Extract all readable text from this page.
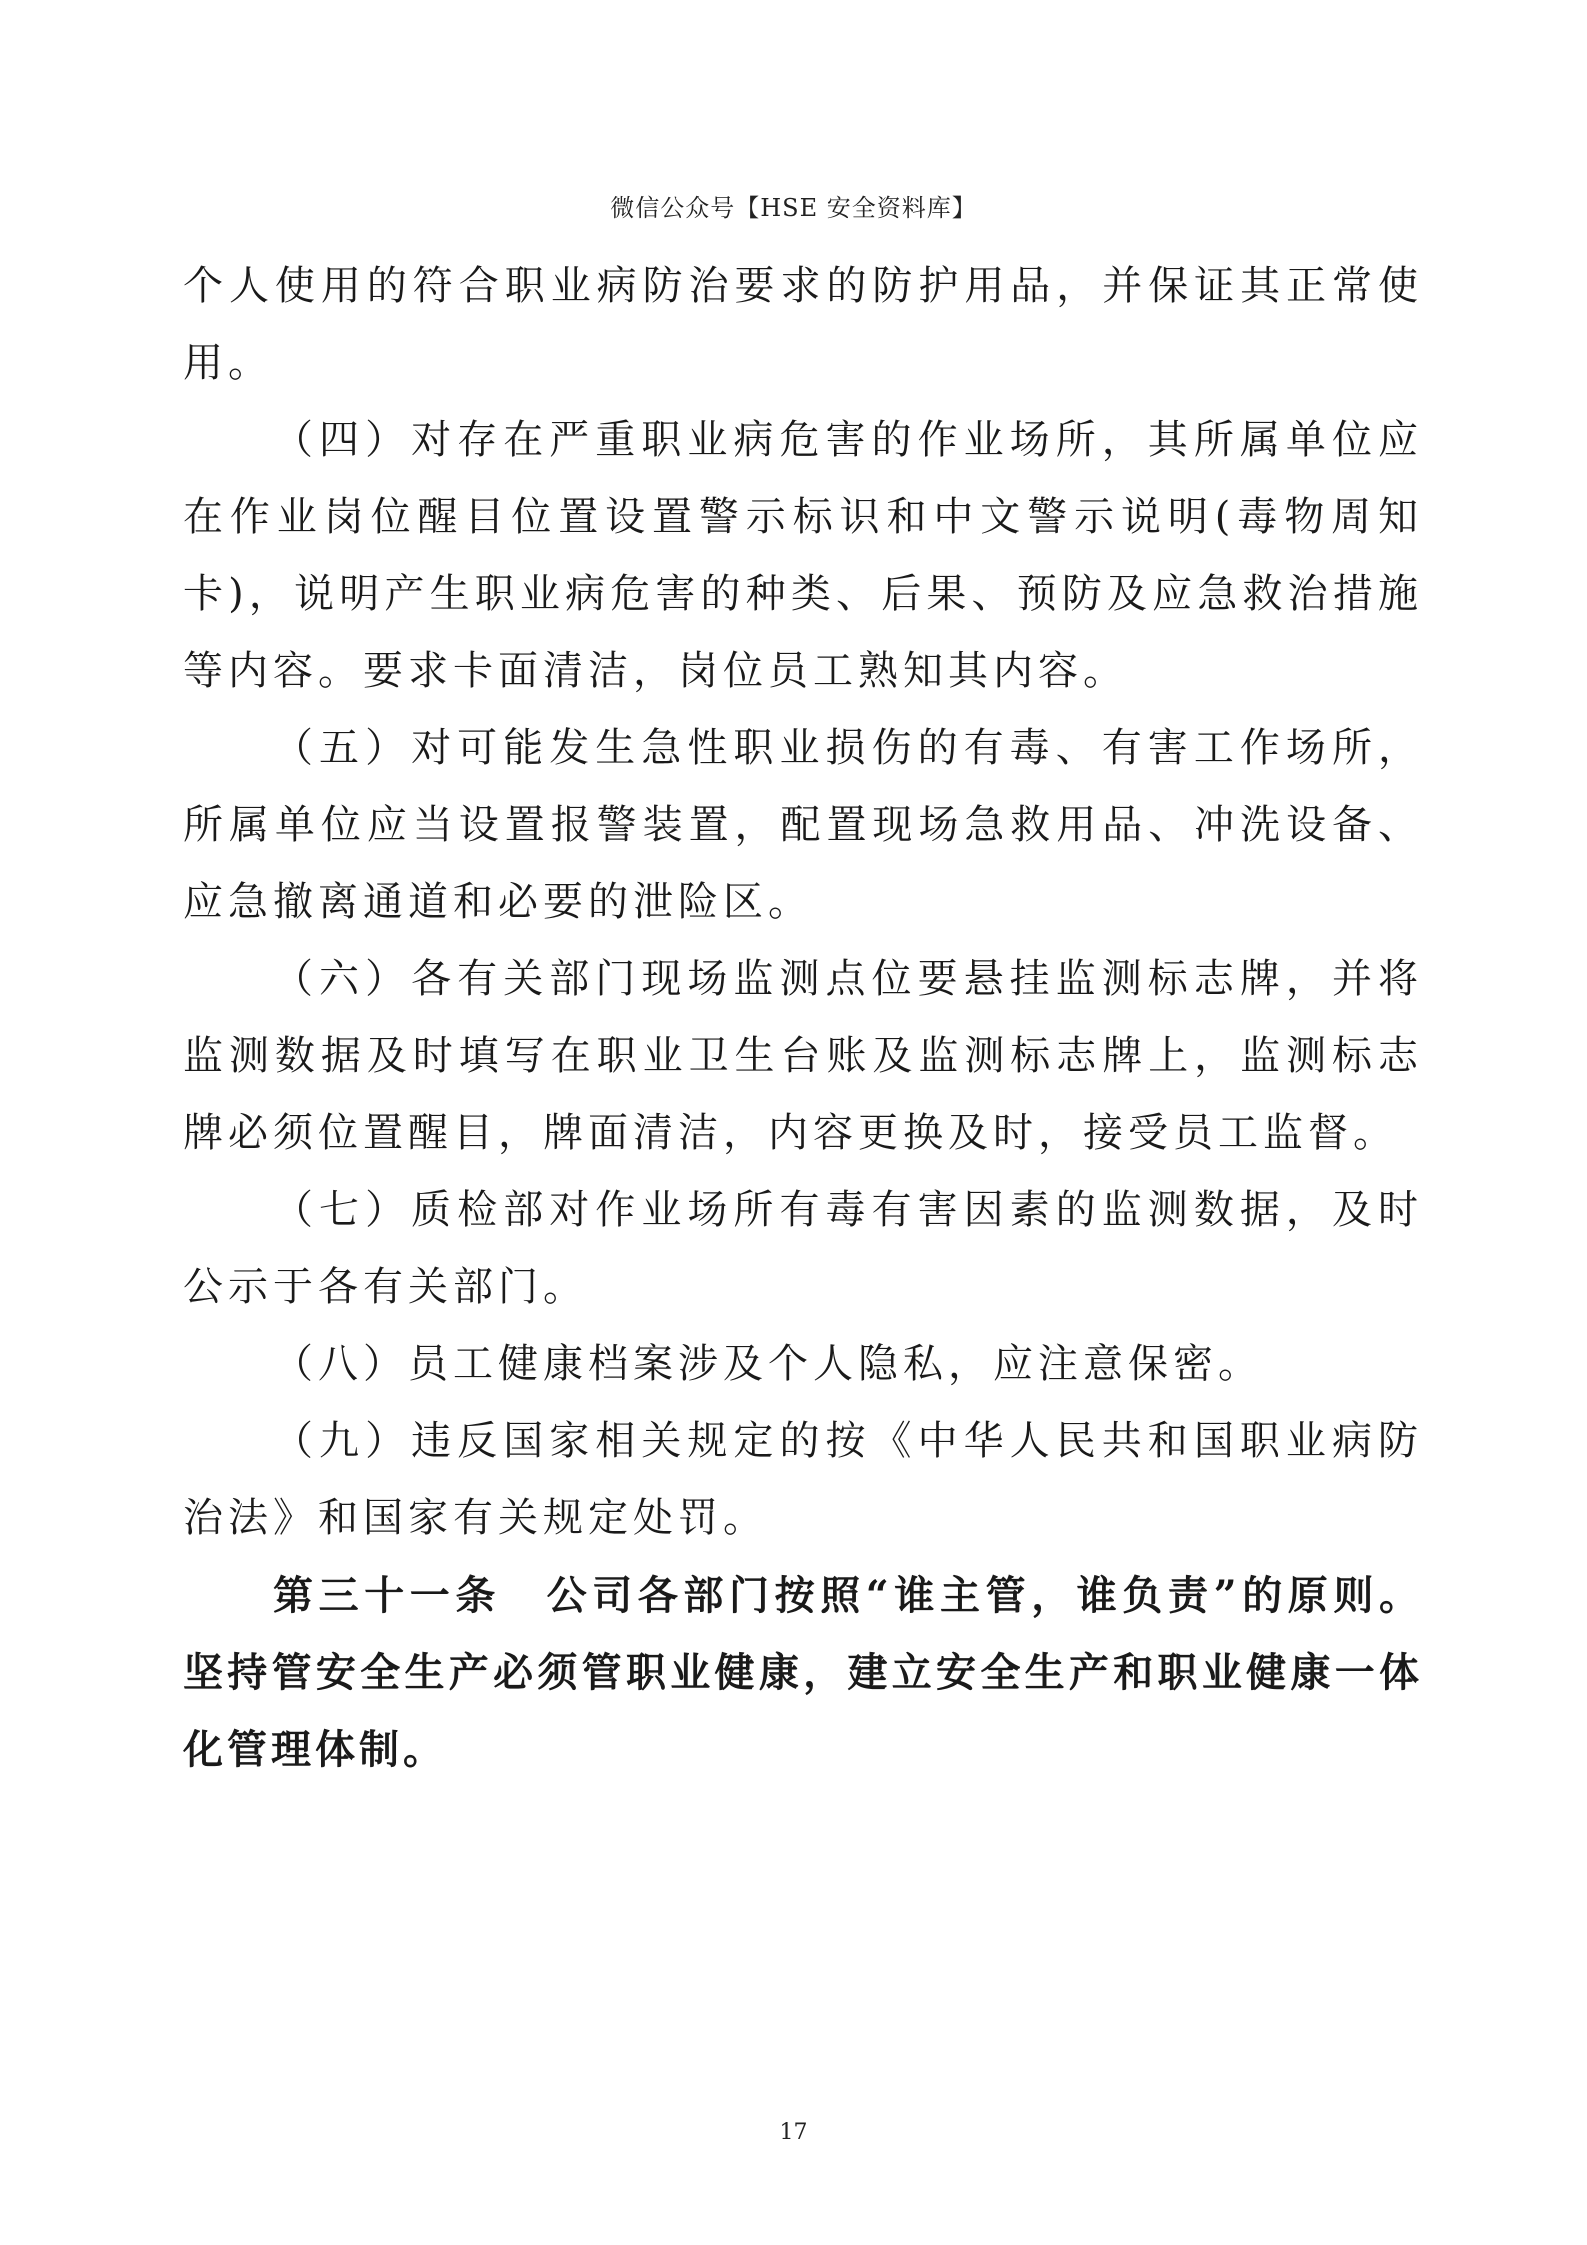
微信公众号【HSE 安全资料库】

个人使用的符合职业病防治要求的防护用品，并保证其正常使用。

（四）对存在严重职业病危害的作业场所，其所属单位应在作业岗位醒目位置设置警示标识和中文警示说明(毒物周知卡)，说明产生职业病危害的种类、后果、预防及应急救治措施等内容。要求卡面清洁，岗位员工熟知其内容。

（五）对可能发生急性职业损伤的有毒、有害工作场所，所属单位应当设置报警装置，配置现场急救用品、冲洗设备、应急撤离通道和必要的泄险区。

（六）各有关部门现场监测点位要悬挂监测标志牌，并将监测数据及时填写在职业卫生台账及监测标志牌上，监测标志牌必须位置醒目，牌面清洁，内容更换及时，接受员工监督。

（七）质检部对作业场所有毒有害因素的监测数据，及时公示于各有关部门。

（八）员工健康档案涉及个人隐私，应注意保密。

（九）违反国家相关规定的按《中华人民共和国职业病防治法》和国家有关规定处罚。

第三十一条　公司各部门按照“谁主管，谁负责”的原则。坚持管安全生产必须管职业健康，建立安全生产和职业健康一体化管理体制。

17
